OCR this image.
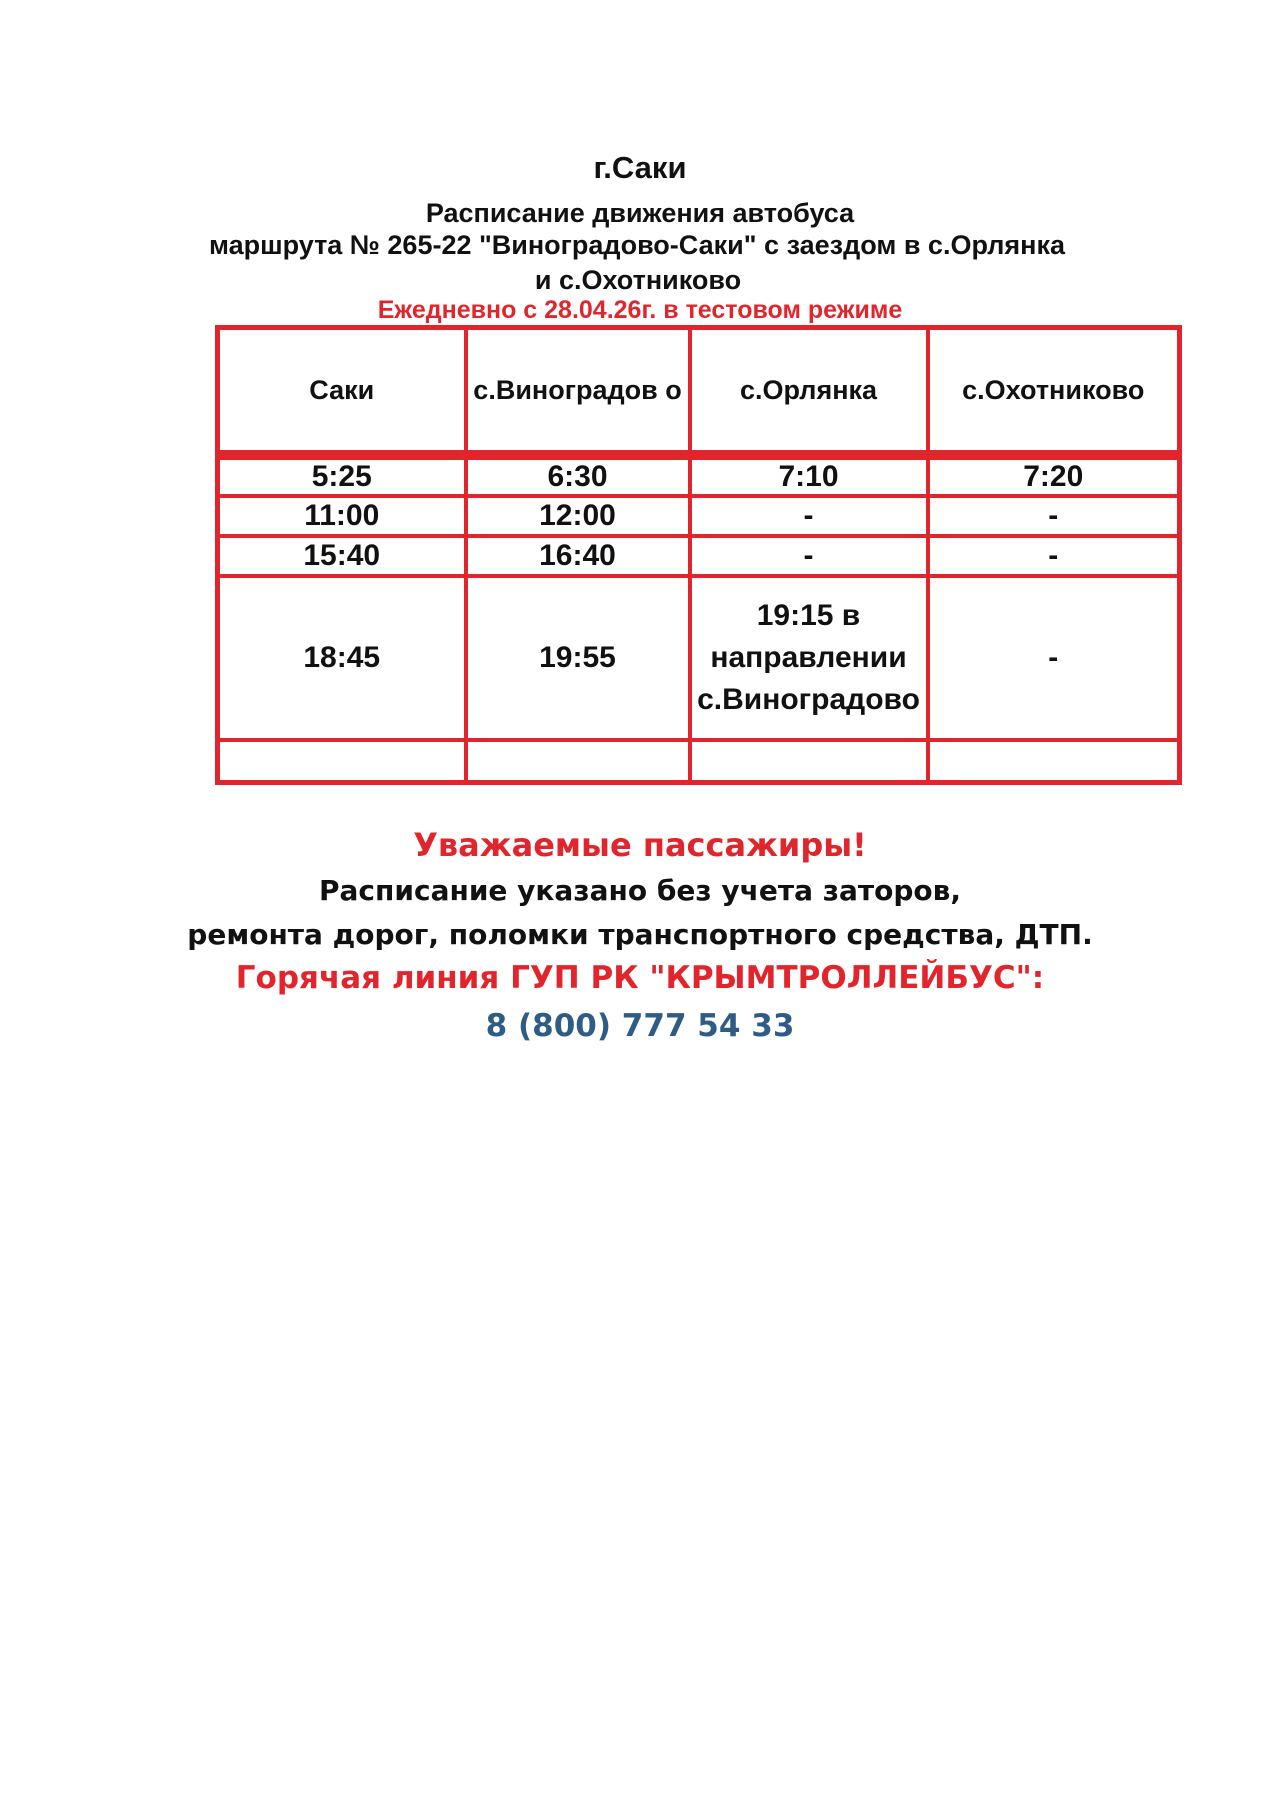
г.Саки
Расписание движения автобуса
маршрута № 265-22 "Виноградово-Саки" с заездом в с.Орлянка
и с.Охотниково
Ежедневно с 28.04.26г. в тестовом режиме
Саки	с.Виноградов о	с.Орлянка	с.Охотниково
5:25	6:30	7:10	7:20
11:00	12:00	-	-
15:40	16:40	-	-
18:45	19:55	19:15 в направлении с.Виноградово	-

Уважаемые пассажиры!
Расписание указано без учета заторов,
ремонта дорог, поломки транспортного средства, ДТП.
Горячая линия ГУП РК "КРЫМТРОЛЛЕЙБУС":
8 (800) 777 54 33
